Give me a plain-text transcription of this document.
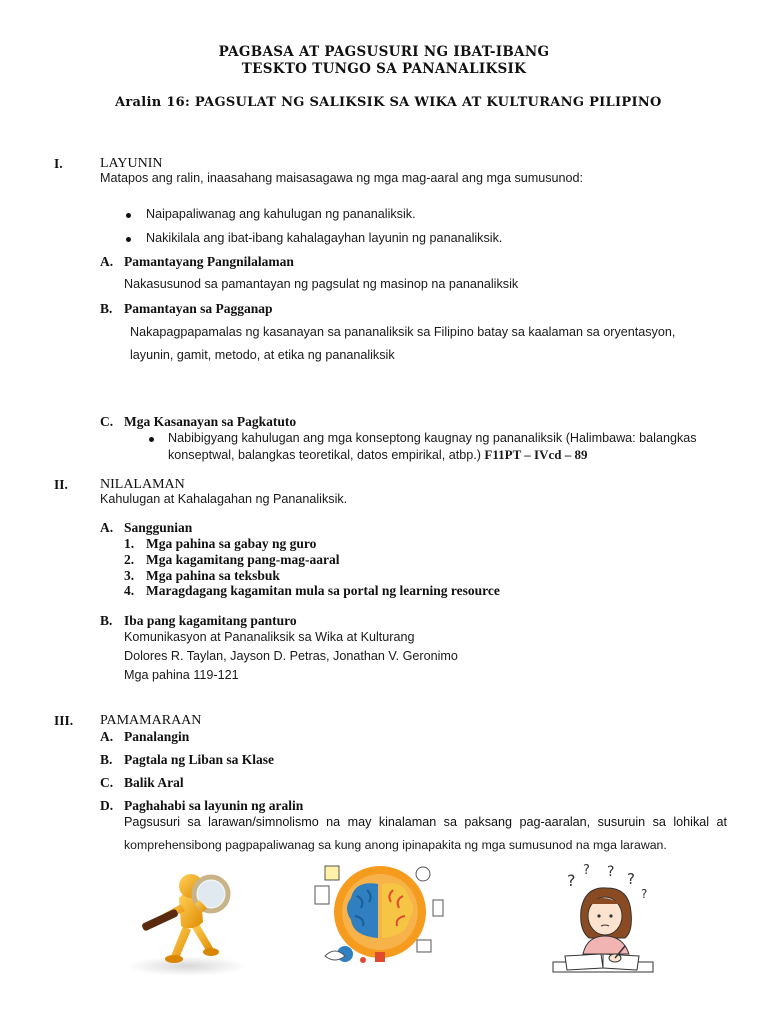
PAGBASA AT PAGSUSURI NG IBAT-IBANG
TESKTO TUNGO SA PANANALIKSIK
Aralin 16: PAGSULAT NG SALIKSIK SA WIKA AT KULTURANG PILIPINO
I.	LAYUNIN
Matapos ang ralin, inaasahang maisasagawa ng mga mag-aaral ang mga sumusunod:
Naipapaliwanag ang kahulugan ng pananaliksik.
Nakikilala ang ibat-ibang kahalagayhan layunin ng pananaliksik.
A. Pamantayang Pangnilalaman
Nakasusunod sa pamantayan ng pagsulat ng masinop na pananaliksik
B. Pamantayan sa Pagganap
Nakapagpapamalas ng kasanayan sa pananaliksik sa Filipino batay sa kaalaman sa oryentasyon,
layunin, gamit, metodo, at etika ng pananaliksik
C. Mga Kasanayan sa Pagkatuto
Nabibigyang kahulugan ang mga konseptong kaugnay ng pananaliksik (Halimbawa: balangkas
konseptwal, balangkas teoretikal, datos empirikal, atbp.) F11PT – IVcd – 89
II. NILALAMAN
Kahulugan at Kahalagahan ng Pananaliksik.
A. Sanggunian
1. Mga pahina sa gabay ng guro
2. Mga kagamitang pang-mag-aaral
3. Mga pahina sa teksbuk
4. Maragdagang kagamitan mula sa portal ng learning resource
B. Iba pang kagamitang panturo
Komunikasyon at Pananaliksik sa Wika at Kulturang
Dolores R. Taylan, Jayson D. Petras, Jonathan V. Geronimo
Mga pahina 119-121
III. PAMAMARAAN
A. Panalangin
B. Pagtala ng Liban sa Klase
C. Balik Aral
D. Paghahabi sa layunin ng aralin
Pagsusuri sa larawan/simnolismo na may kinalaman sa paksang pag-aaralan, susuruin sa lohikal at
komprehensibong pagpapaliwanag sa kung anong ipinapakita ng mga sumusunod na mga larawan.
?
? ? ?
?
